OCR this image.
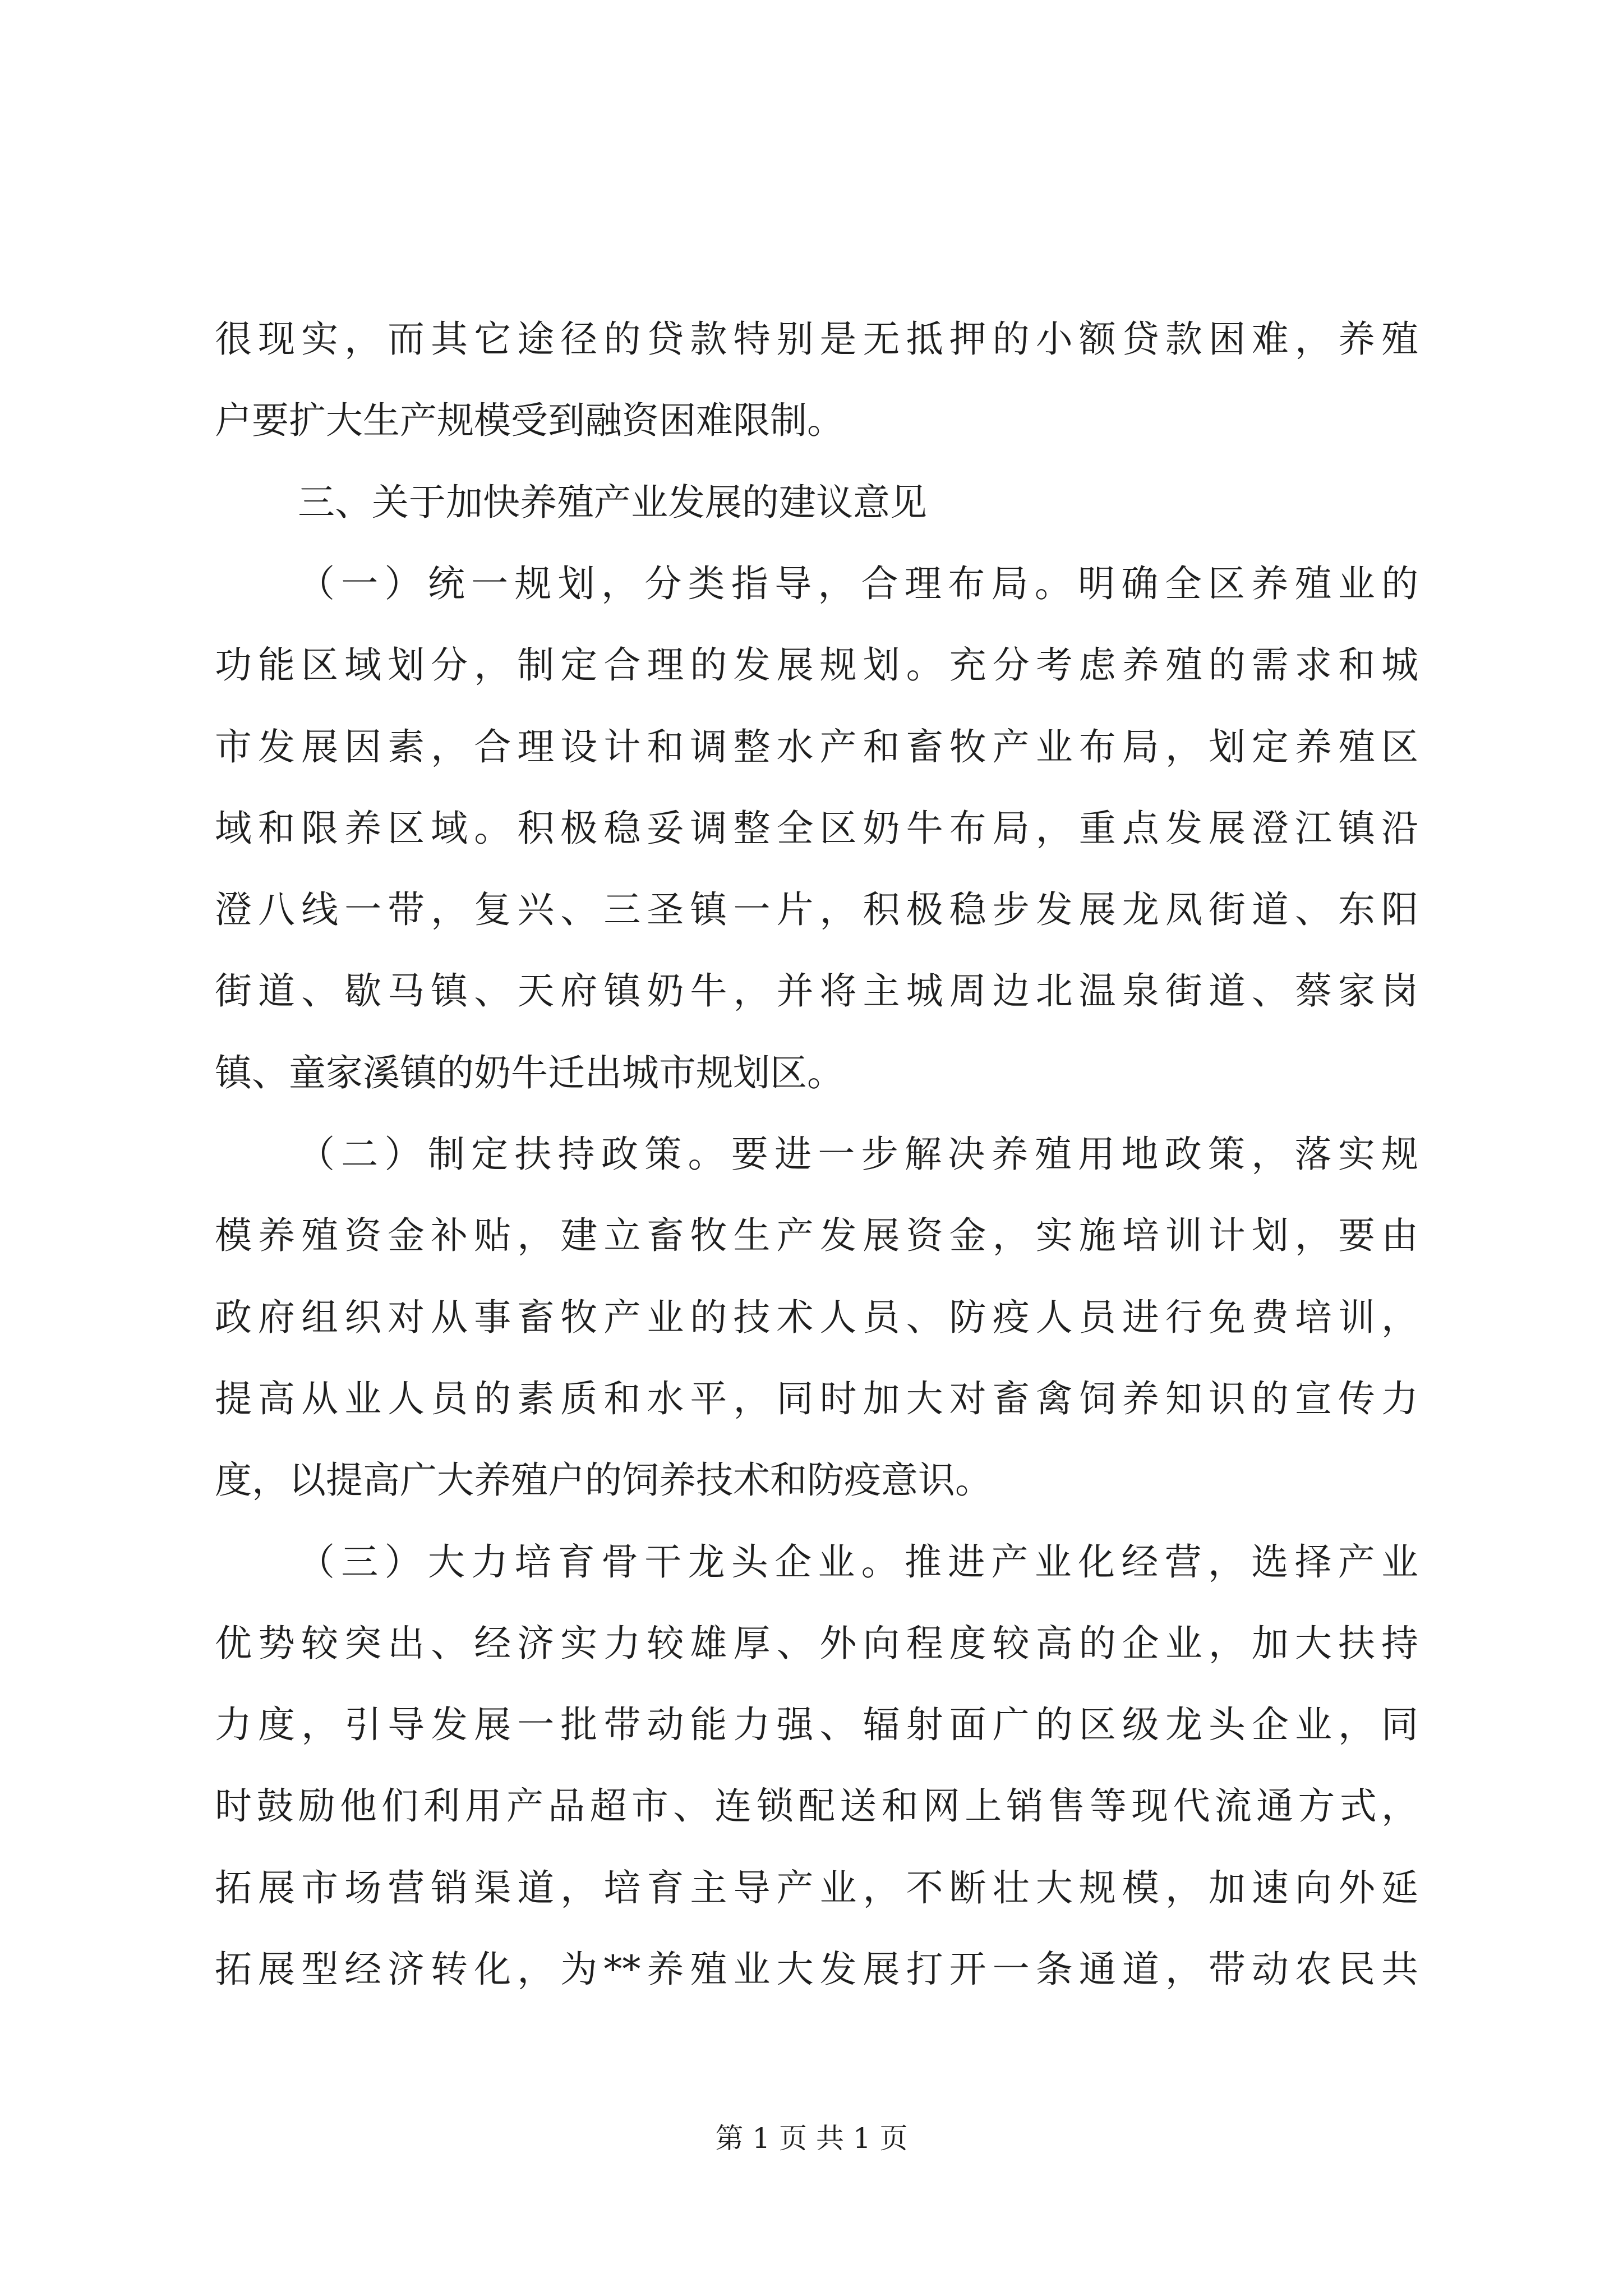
很现实，而其它途径的贷款特别是无抵押的小额贷款困难，养殖
户要扩大生产规模受到融资困难限制。
三、关于加快养殖产业发展的建议意见
（一）统一规划，分类指导，合理布局。明确全区养殖业的
功能区域划分，制定合理的发展规划。充分考虑养殖的需求和城
市发展因素，合理设计和调整水产和畜牧产业布局，划定养殖区
域和限养区域。积极稳妥调整全区奶牛布局，重点发展澄江镇沿
澄八线一带，复兴、三圣镇一片，积极稳步发展龙凤街道、东阳
街道、歇马镇、天府镇奶牛，并将主城周边北温泉街道、蔡家岗
镇、童家溪镇的奶牛迁出城市规划区。
（二）制定扶持政策。要进一步解决养殖用地政策，落实规
模养殖资金补贴，建立畜牧生产发展资金，实施培训计划，要由
政府组织对从事畜牧产业的技术人员、防疫人员进行免费培训，
提高从业人员的素质和水平，同时加大对畜禽饲养知识的宣传力
度，以提高广大养殖户的饲养技术和防疫意识。
（三）大力培育骨干龙头企业。推进产业化经营，选择产业
优势较突出、经济实力较雄厚、外向程度较高的企业，加大扶持
力度，引导发展一批带动能力强、辐射面广的区级龙头企业，同
时鼓励他们利用产品超市、连锁配送和网上销售等现代流通方式，
拓展市场营销渠道，培育主导产业，不断壮大规模，加速向外延
拓展型经济转化，为**养殖业大发展打开一条通道，带动农民共
第 1 页 共 1 页
